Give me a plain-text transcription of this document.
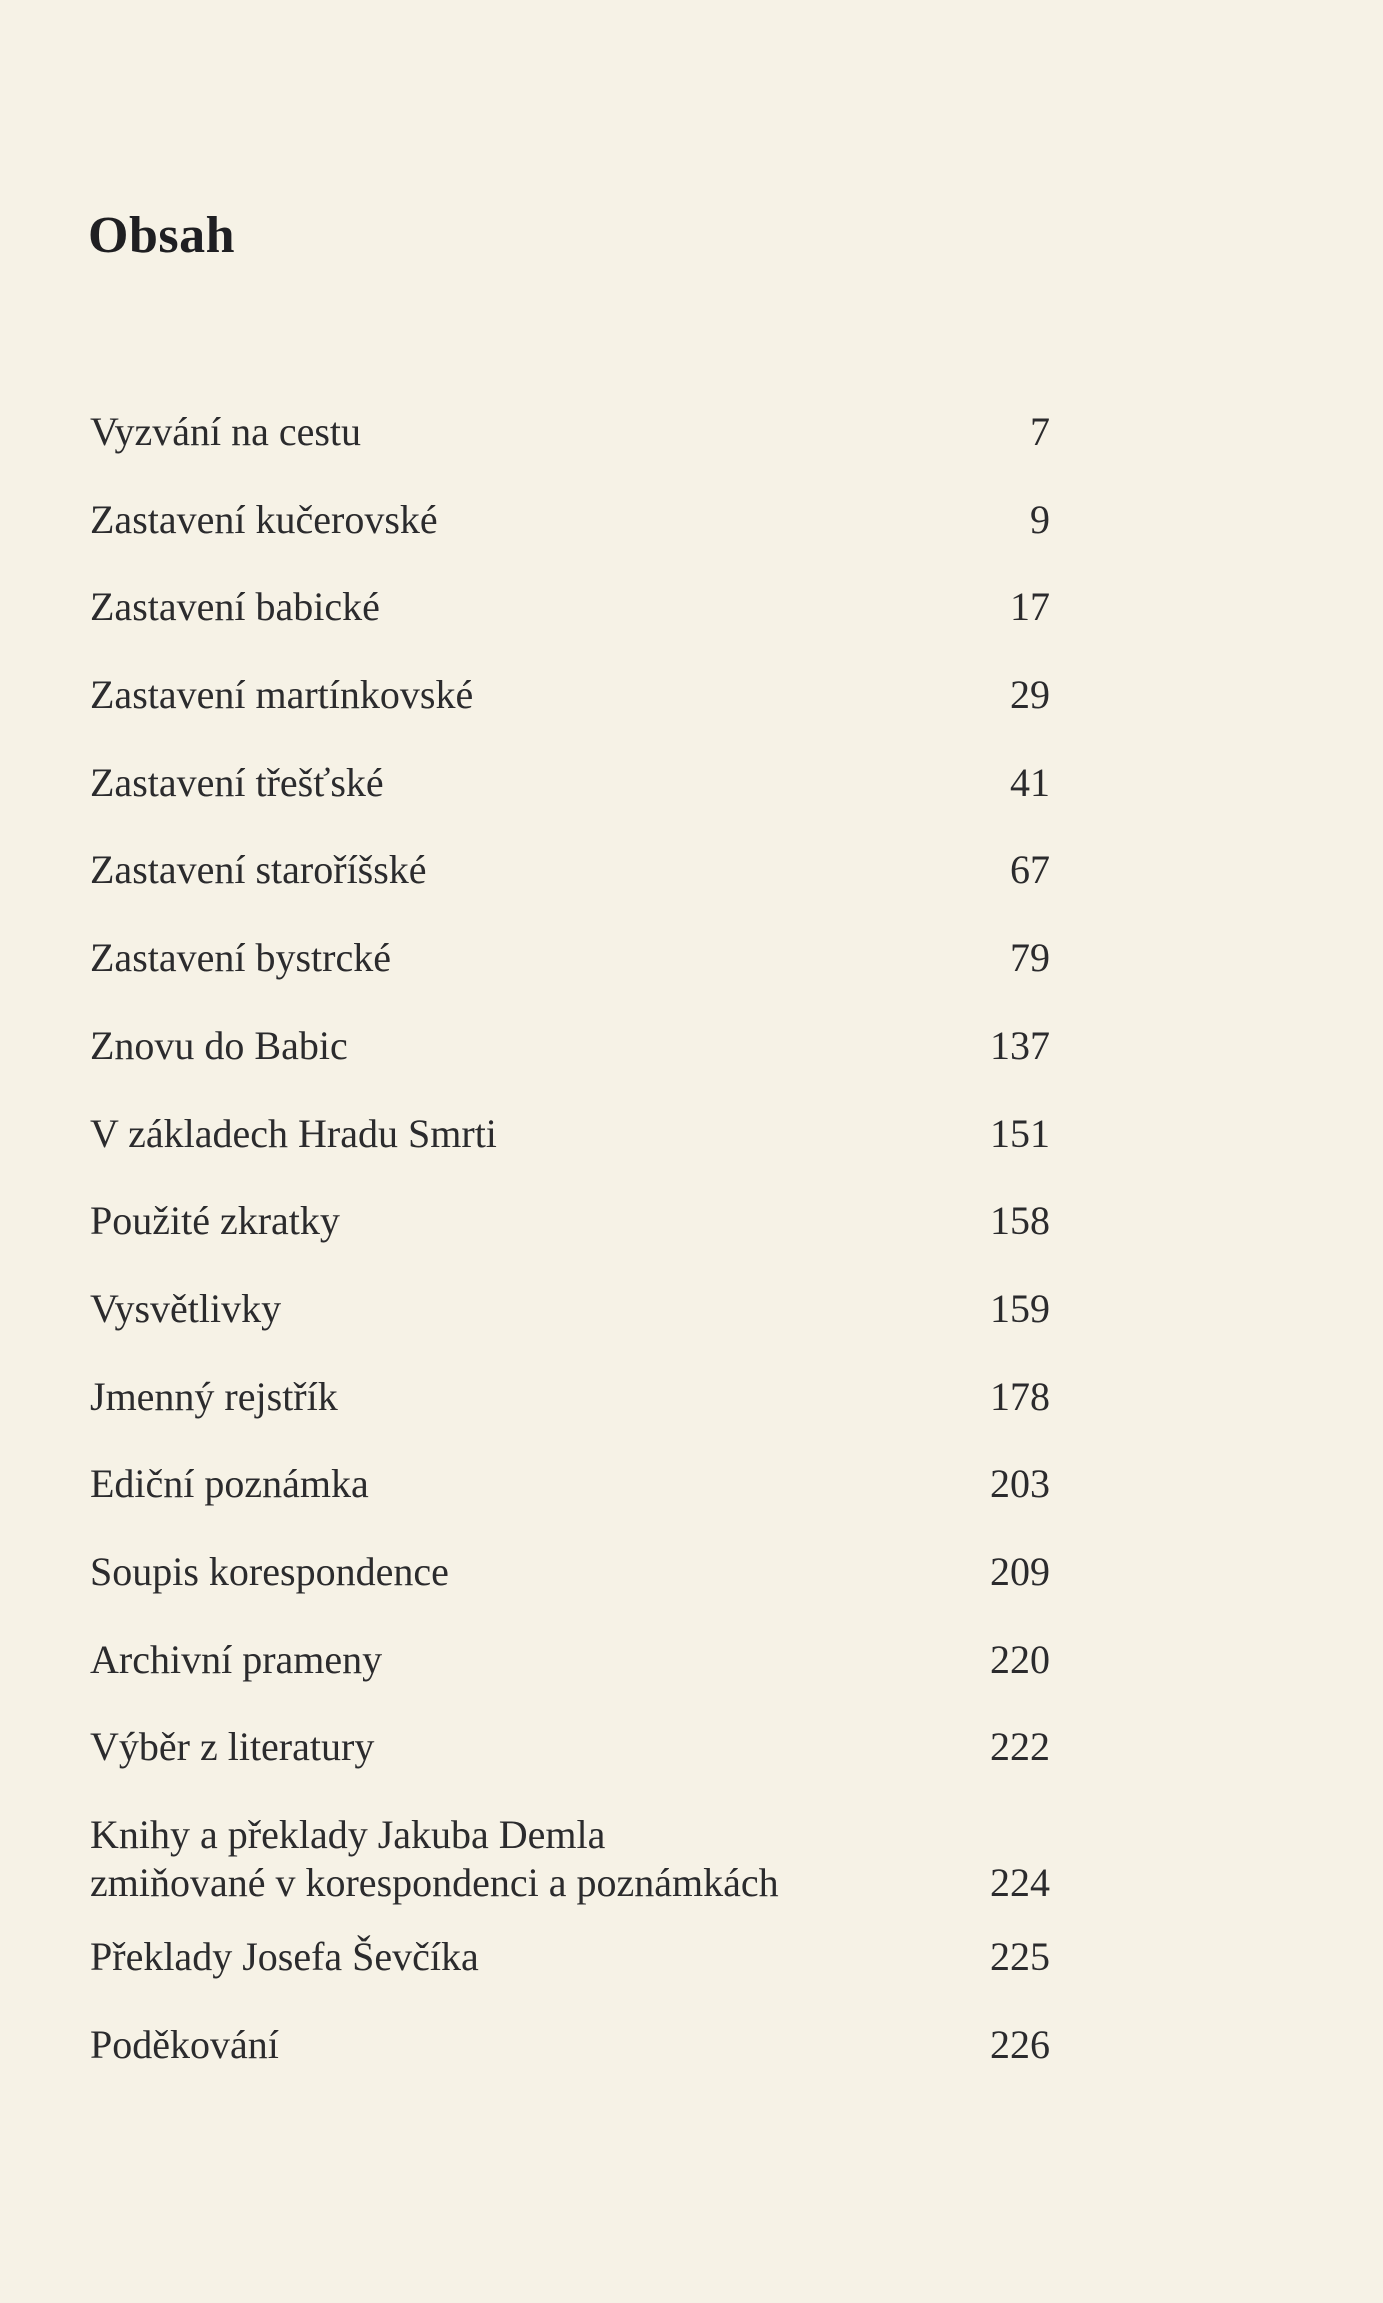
Obsah
Vyzvání na cestu	7
Zastavení kučerovské	9
Zastavení babické	17
Zastavení martínkovské	29
Zastavení třešťské	41
Zastavení staroříšské	67
Zastavení bystrcké	79
Znovu do Babic	137
V základech Hradu Smrti	151
Použité zkratky	158
Vysvětlivky	159
Jmenný rejstřík	178
Ediční poznámka	203
Soupis korespondence	209
Archivní prameny	220
Výběr z literatury	222
Knihy a překlady Jakuba Demla
zmiňované v korespondenci a poznámkách	224
Překlady Josefa Ševčíka	225
Poděkování	226
